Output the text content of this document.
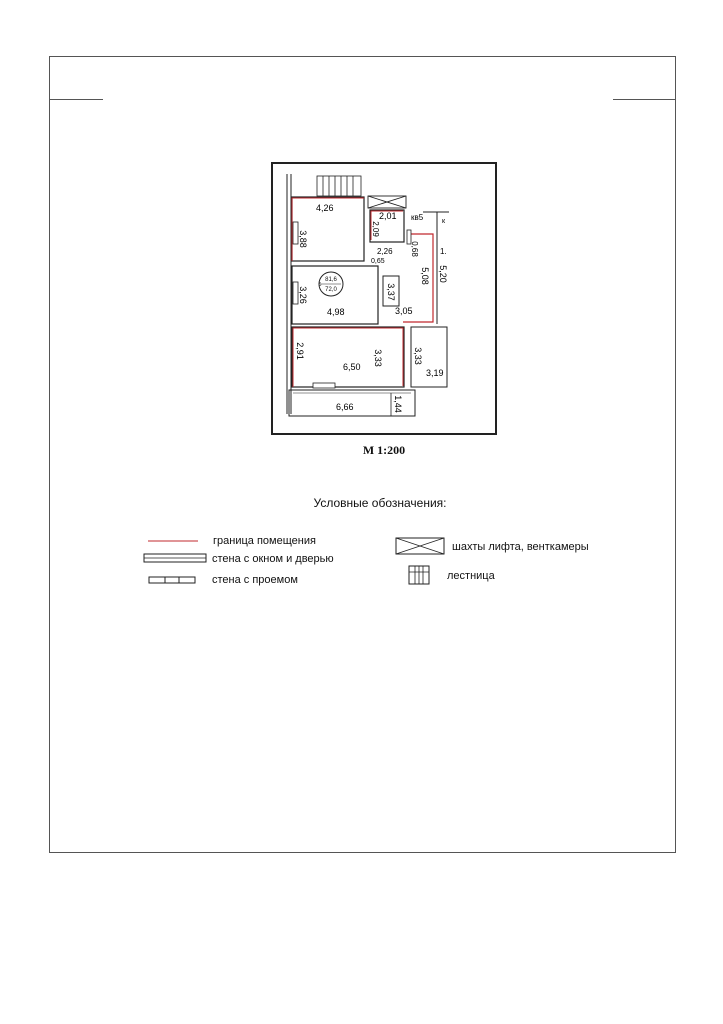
81,6
72,0
5
4,26
3,88
2,01
2,09
кв5	к
2,26
0,65
0,68
5,08
1.
5,20
3,26
4,98
3,37
3,05
2,91	3,33
6,50
3,33
3,19
6,66	1,44
М 1:200
Условные обозначения:
граница помещения
стена с окном и дверью
стена с проемом
шахты лифта, венткамеры
лестница
